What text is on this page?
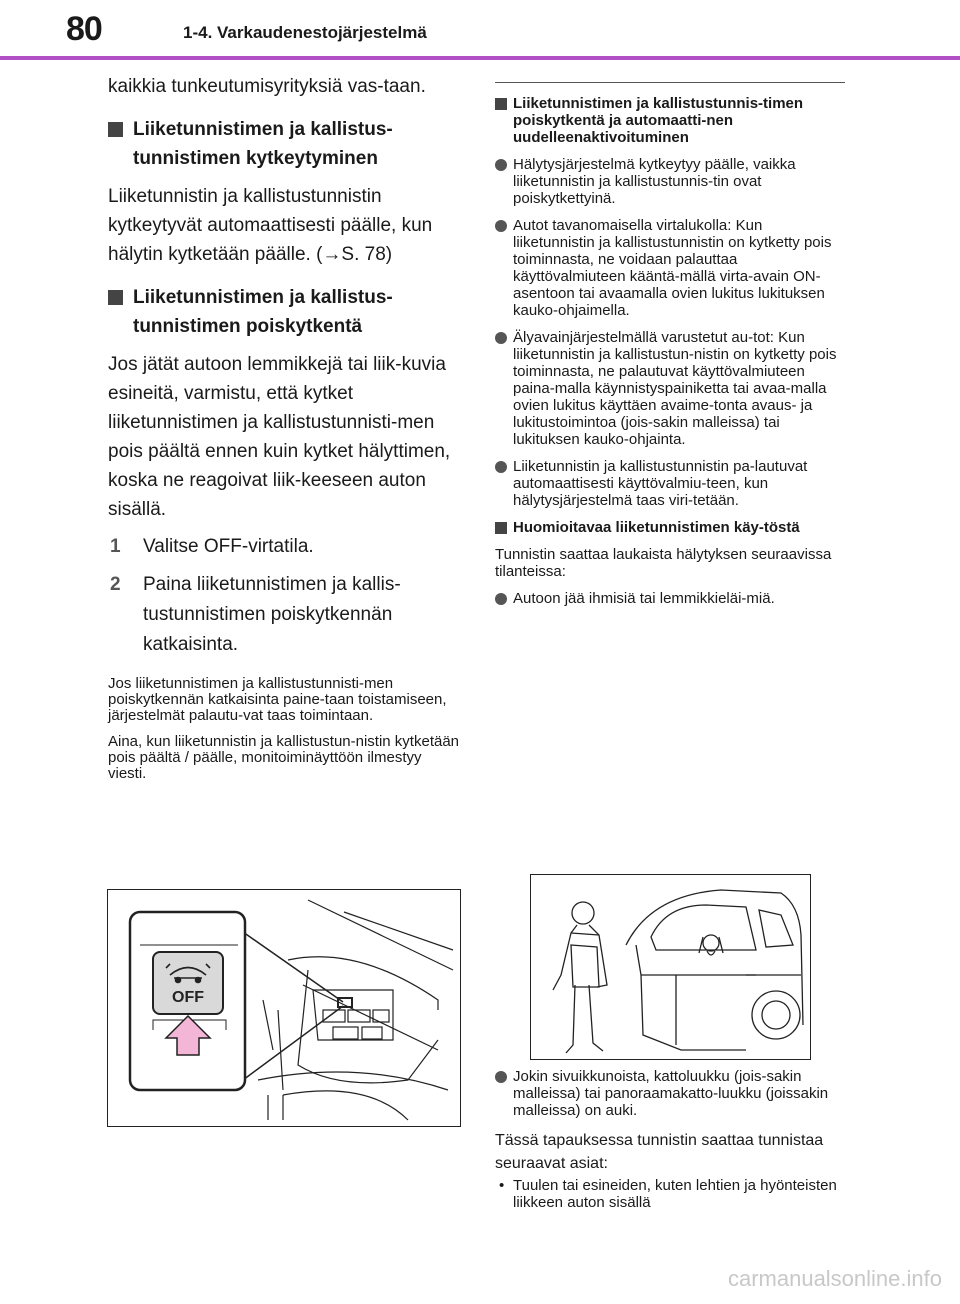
80	1-4. Varkaudenestojärjestelmä

kaikkia tunkeutumisyrityksiä vas-taan.

Liiketunnistimen ja kallistus-tunnistimen kytkeytyminen

Liiketunnistin ja kallistustunnistin kytkeytyvät automaattisesti päälle, kun hälytin kytketään päälle. (→S. 78)

Liiketunnistimen ja kallistus-tunnistimen poiskytkentä

Jos jätät autoon lemmikkejä tai liik-kuvia esineitä, varmistu, että kytket liiketunnistimen ja kallistustunnisti-men pois päältä ennen kuin kytket hälyttimen, koska ne reagoivat liik-keeseen auton sisällä.

1 Valitse OFF-virtatila.
2 Paina liiketunnistimen ja kallis-tustunnistimen poiskytkennän katkaisinta.

Jos liiketunnistimen ja kallistustunnisti-men poiskytkennän katkaisinta paine-taan toistamiseen, järjestelmät palautu-vat taas toimintaan.

Aina, kun liiketunnistin ja kallistustun-nistin kytketään pois päältä / päälle, monitoiminäyttöön ilmestyy viesti.

OFF
Liiketunnistimen ja kallistustunnis-timen poiskytkentä ja automaatti-nen uudelleenaktivoituminen
Hälytysjärjestelmä kytkeytyy päälle, vaikka liiketunnistin ja kallistustunnis-tin ovat poiskytkettyinä.
Autot tavanomaisella virtalukolla: Kun liiketunnistin ja kallistustunnistin on kytketty pois toiminnasta, ne voidaan palauttaa käyttövalmiuteen kääntä-mällä virta-avain ON-asentoon tai avaamalla ovien lukitus lukituksen kauko-ohjaimella.
Älyavainjärjestelmällä varustetut au-tot: Kun liiketunnistin ja kallistustun-nistin on kytketty pois toiminnasta, ne palautuvat käyttövalmiuteen paina-malla käynnistyspainiketta tai avaa-malla ovien lukitus käyttäen avaime-tonta avaus- ja lukitustoimintoa (jois-sakin malleissa) tai lukituksen kauko-ohjainta.
Liiketunnistin ja kallistustunnistin pa-lautuvat automaattisesti käyttövalmiu-teen, kun hälytysjärjestelmä taas viri-tetään.
Huomioitavaa liiketunnistimen käy-töstä

Tunnistin saattaa laukaista hälytyksen seuraavissa tilanteissa:

Autoon jää ihmisiä tai lemmikkieläi-miä.
Jokin sivuikkunoista, kattoluukku (jois-sakin malleissa) tai panoraamakatto-luukku (joissakin malleissa) on auki.

Tässä tapauksessa tunnistin saattaa tunnistaa seuraavat asiat:

• Tuulen tai esineiden, kuten lehtien ja hyönteisten liikkeen auton sisällä
carmanualsonline.info
